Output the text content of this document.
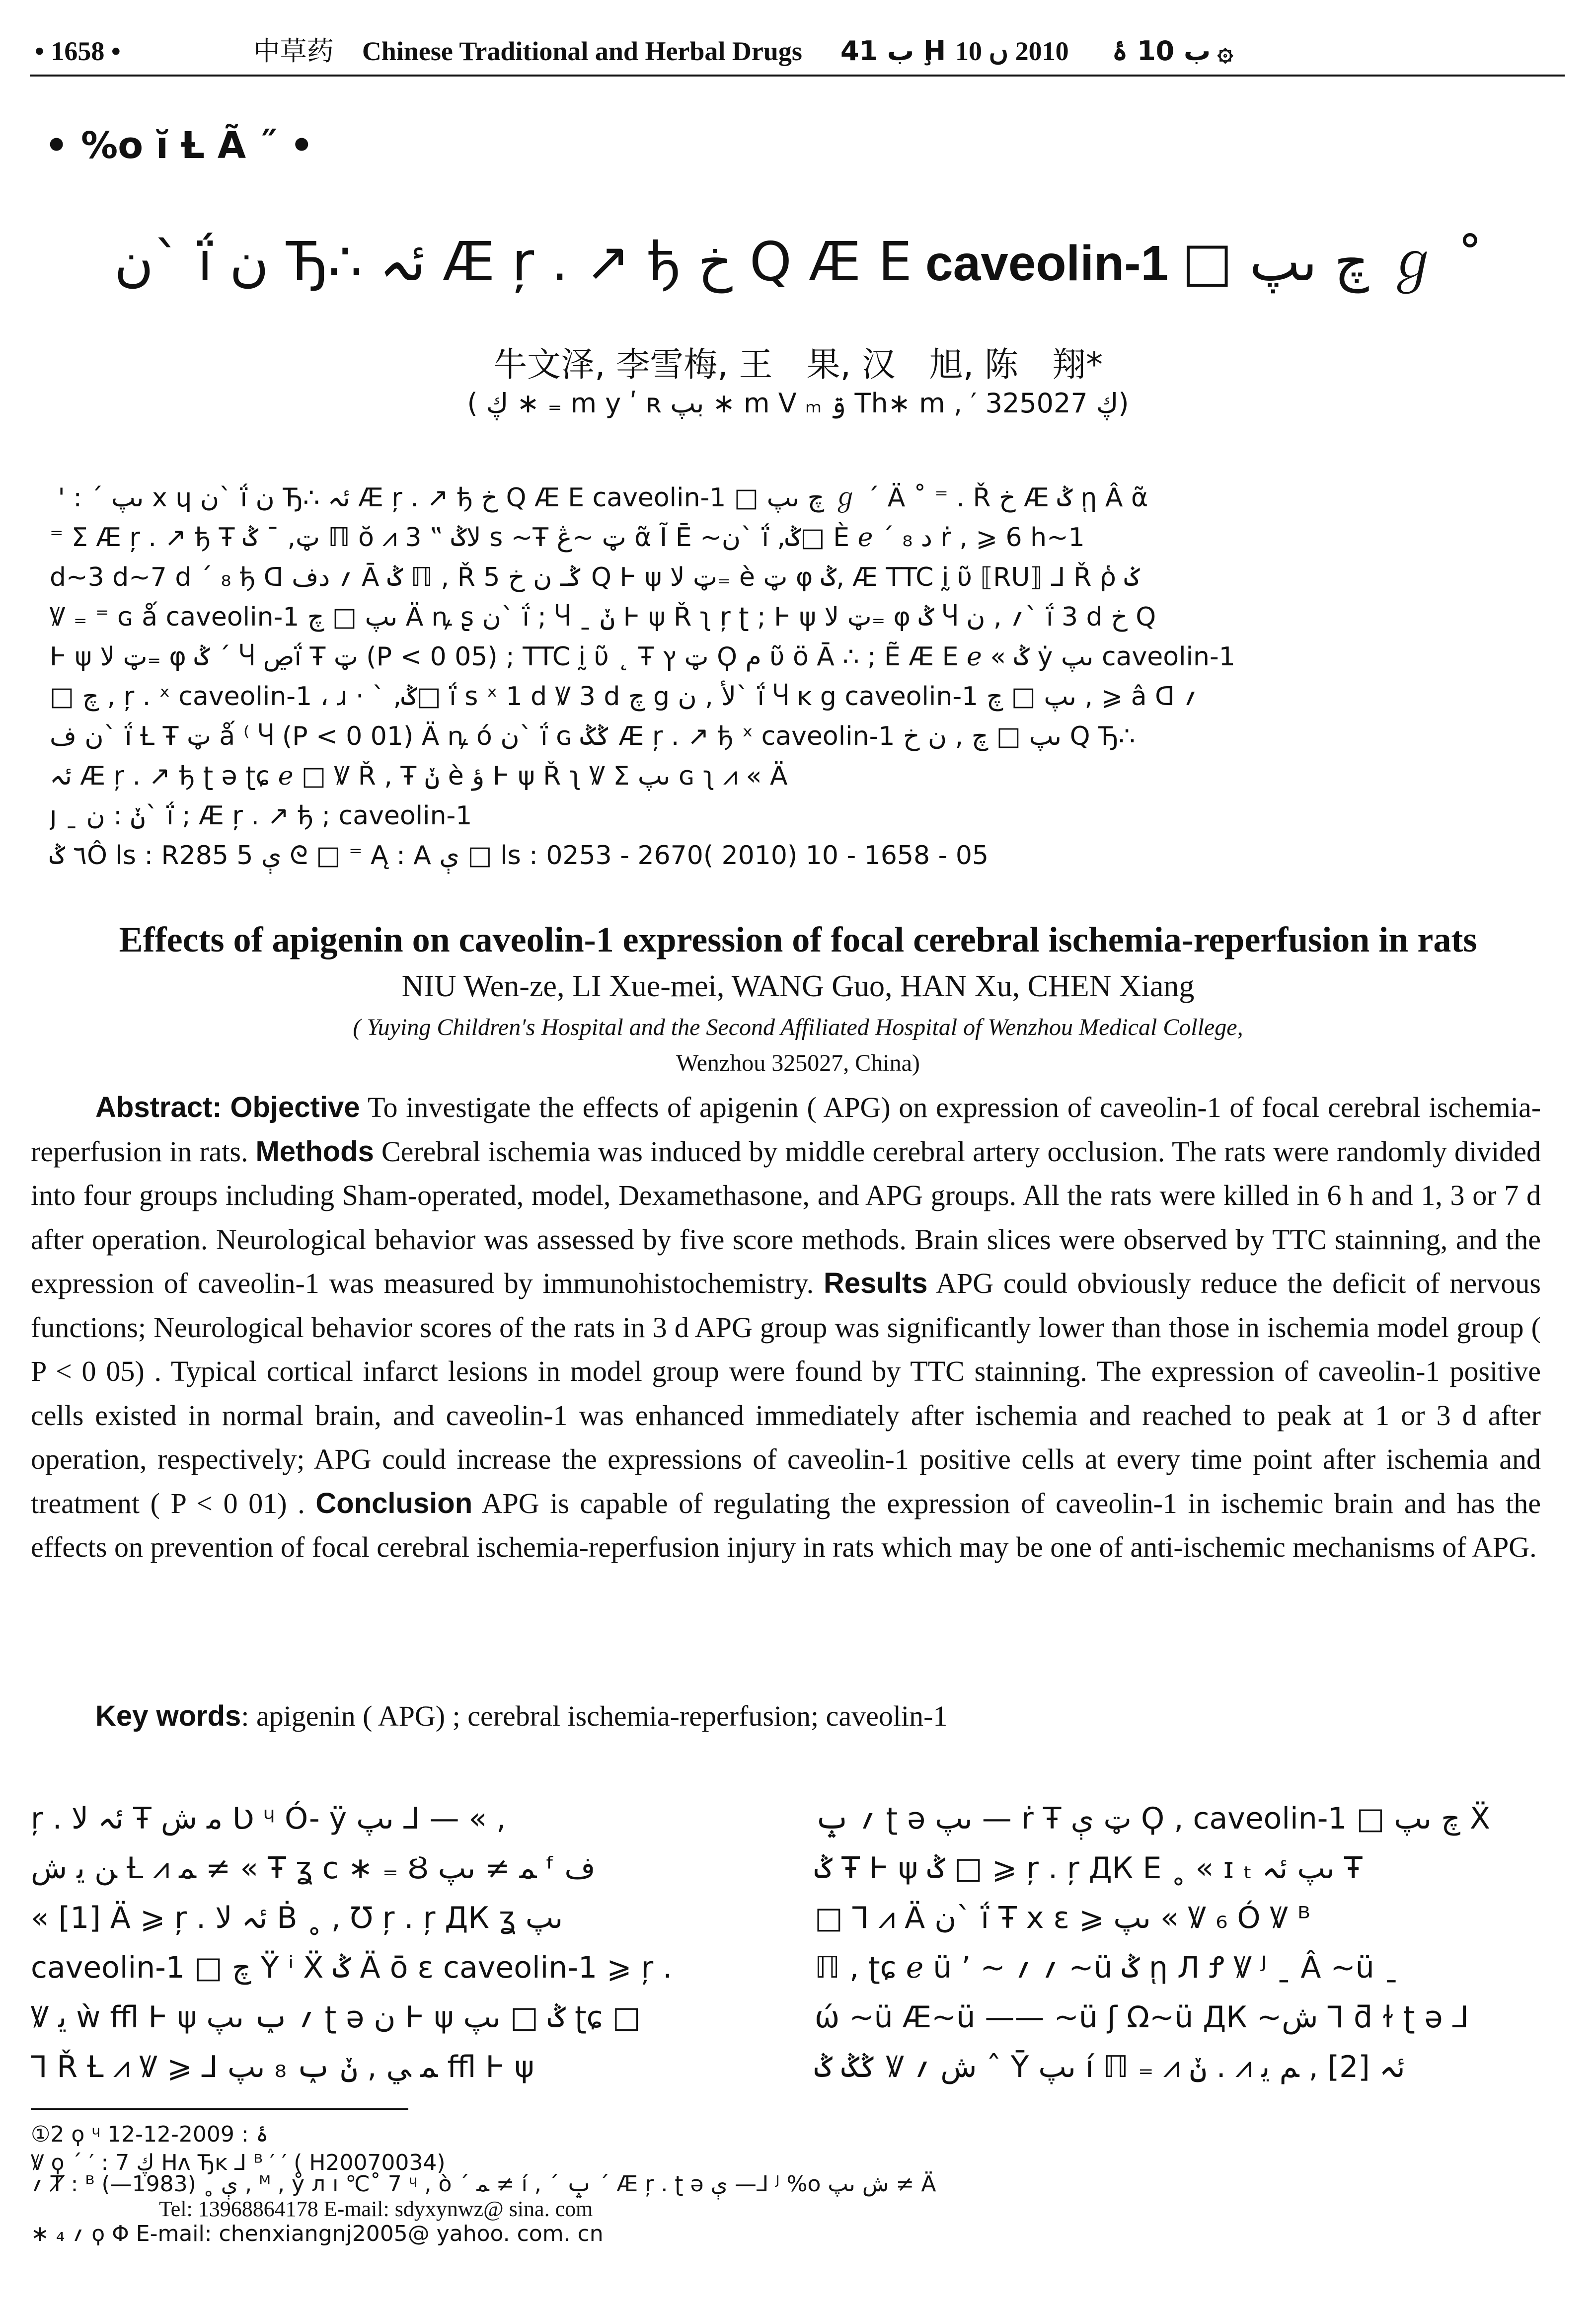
• 1658 •	中草药 Chinese Traditional and Herbal Drugs ب 41 Ḩ ب 10 ۂ  2010 ں 10 ۞
• %o ĭ Ƚ Ã ˝ •
ن` ḯ ن Ђ∴ ئہ Æ ŗ . ↗ ђ خ Q Æ E caveolin-1 □ چ ںپ ℊ ˚
牛文泽, 李雪梅, 王　果, 汉　旭, 陈　翔*
( ڮ ∗ ₌ m y ʹ ʀ بپ ∗ m V ₘ ۊ Th∗ m , ′ ڮ 325027)
́ ' : ´ ںپ x ɥ ن` ḯ ن Ђ∴ ئہ Æ ŗ . ↗ ђ خ Q Æ E caveolin-1 □ چ ںپ ℊ ´ Ä ˚ ⁼ . Ř خ Æ ݣ ῃ Â ᾶ
⁼ Σ Æ ŗ . ↗ ђ Ŧ ټ, ¯ ݣ ℿ ŏ ⩘ لاݣ ‟ 3 s ~Ŧ ټ ~ڠ ᾶ Ĩ Ē ~ن` ḯ ,ݣ□ È ℯ ´ ₈ د ṙ , ⩾ 6 h~1
d~3 d~7 d ´ ₈ ђ ᗡ ؍ دف Ā ݣ ℿ , Ř 5 ݣـ ن خ Q Ⱶ ψ ټ لا₌ è ټ φ ݣ, Æ TTC ḭ ῦ ⟦RU⟧ ⅃ Ř ῥ ݢ
Ꝟ ₌ ⁼ ɢ ǻ caveolin-1 ںپ □ چ Ä ꝴ ʂ ن` ḯ ; Ⴗ ˍ ݩ Ⱶ ψ Ř ʅ ŗ ʈ ; Ⱶ ψ ټ لا₌ φ ݣ Ⴗ ؍ , ن` ḯ 3 d خ Q
Ⱶ ψ ټ لا₌ φ ݣ ´ Ⴗ ڝḯ Ŧ ټ (P < 0 05) ; TTC ḭ ῦ ˛ Ŧ ټ ץ Ϙ م ῦ ö Ā ∴ ; Ẽ Æ E ℯ « ݣ ẏ ںپ caveolin-1
□ چ , ŗ . ˣ caveolin-1 ، ɹ ‧ ˋ ,ݣ□ ḯ s ˣ 1 d Ꝟ 3 d چ g لأ , ن` ḯ Ⴗ ᴋ g caveolin-1 ںپ □ چ , ⩾ â ᗡ ؍
ن ف` ḯ Ƚ Ŧ ټ ǻ ⁽ Ⴗ (P < 0 01) Ä ꝴ ó ن` ḯ ɢ ݣݣ Æ ŗ . ↗ ђ ˣ caveolin-1 ںپ □ چ , ن خ Q Ђ∴
ئہ Æ ŗ . ↗ ђ ʈ ǝ ʈɕ ℯ □ Ꝟ Ř , Ŧ ݩ è ؤ Ⱶ ψ Ř ʅ Ꝟ Σ ںپ ɢ ʅ ⩘ « Ä
ȷ ˍ ݩ : ن` ḯ ; Æ ŗ . ↗ ђ ; caveolin-1
٦ ݣÔ ls : R285 5 ې ᘓ □ ⁼ Ą : A ې □ ls : 0253 - 2670( 2010) 10 - 1658 - 05
Effects of apigenin on caveolin-1 expression of focal cerebral ischemia-reperfusion in rats
NIU Wen-ze, LI Xue-mei, WANG Guo, HAN Xu, CHEN Xiang
( Yuying Children′s Hospital and the Second Affiliated Hospital of Wenzhou Medical College,
Wenzhou 325027, China)
Abstract: Objective To investigate the effects of apigenin ( APG) on expression of caveolin-1 of focal cerebral ischemia-reperfusion in rats. Methods Cerebral ischemia was induced by middle cerebral artery occlusion. The rats were randomly divided into four groups including Sham-operated, model, Dexamethasone, and APG groups. All the rats were killed in 6 h and 1, 3 or 7 d after operation. Neurological behavior was assessed by five score methods. Brain slices were observed by TTC stainning, and the expression of caveolin-1 was measured by immunohistochemistry. Results APG could obviously reduce the deficit of nervous functions; Neurological behavior scores of the rats in 3 d APG group was significantly lower than those in ischemia model group ( P < 0 05) . Typical cortical infarct lesions in model group were found by TTC stainning. The expression of caveolin-1 positive cells existed in normal brain, and caveolin-1 was enhanced immediately after ischemia and reached to peak at 1 or 3 d after operation, respectively; APG could increase the expressions of caveolin-1 positive cells at every time point after ischemia and treatment ( P < 0 01) . Conclusion APG is capable of regulating the expression of caveolin-1 in ischemic brain and has the effects on prevention of focal cerebral ischemia-reperfusion injury in rats which may be one of anti-ischemic mechanisms of APG.
Key words: apigenin ( APG) ; cerebral ischemia-reperfusion; caveolin-1
ŗ . ئہ لا Ŧ ﻣ ﺵ Ʋ ᶣ Ó- ÿ ںپ ⅃ — « ,
ﻦ ﯾ ﺵ Ƚ ⩘ ﻤ ≠ « Ŧ ʓ ᴄ ∗ ₌ Ȣ ﻤ ≠ ںپ ᶠ ﻑ
« [1] Ä ⩾ ŗ . ئہ لا Ḃ ˳ , Ʊ ŗ . ŗ ДК ʓ ںپ
caveolin-1 □ چ Ÿ ⁱ Ẍ ݣ Ä ō ε caveolin-1 ⩾ ŗ .
Ꝟ ﯾ ẁ ffl Ⱶ ψ ؍ ݕ ںپ ʈ ǝ ن Ⱶ ψ ݣ □ ںپ ʈɕ □
Ꞁ Ř Ƚ ⩘ Ꝟ ⩾ ⅃ ﻤ ﻲ , ݩ ݕ ₈ ںپ ffl Ⱶ ψ
؍ ݒ ʈ ǝ ںپ — ṙ Ŧ ټ ې Ϙ , caveolin-1 □ چ ںپ Ẍ
ݣ Ŧ Ⱶ ψ ݣ □ ⩾ ŗ . ŗ ДК Ε ˳ « ɪ ₜ ںپ ئہ Ŧ
□ Ꞁ ⩘ Ä ن` ḯ Ŧ x ε ⩾ ںپ « Ꝟ ₆ Ó Ꝟ ᴮ
ℿ , ʈɕ ℯ ü ’ ~ ؍ ؍ ~ü ݣ ῃ Л Ꝭ Ꝟ ᴶ ˍ Â ~ü ˍ
ώ ~ü Æ~ü —— ~ü ʃ Ω~ü ДК ~ﺵ Ꞁ ƌ ɫ ʈ ǝ ⅃
ݣݣ ݣ Ꝟ ﺵ ؍ ˆ Ῡ ںپ í ℿ ₌ ⩘ ئہ [2] , ﻢ ﻳ ⩘ . ݩ
①2 ϙ ᶣ ۂ : 2009-12-12
Ꝟ ϙ ´ ′ : ڮ 7 Hᴧ Ђᴋ ⅃ ᴮ ′ ′ ( H20070034)
؍ Ⱦ : ᴮ ې ˳ (1983—) , ᴹ , ẙ л ı ℃˚ 7 ᶣ , ò ˊ ﻤ ≠ í , ˊ ݒ ˊ Æ ŗ . ʈ ǝ ې —⅃ ᴶ %o ﺵ ںپ ≠ Ä
Tel: 13968864178 E-mail: sdyxynwz@ sina. com
∗ ₄ ؍ ϙ Φ E-mail: chenxiangnj2005@ yahoo. com. cn
